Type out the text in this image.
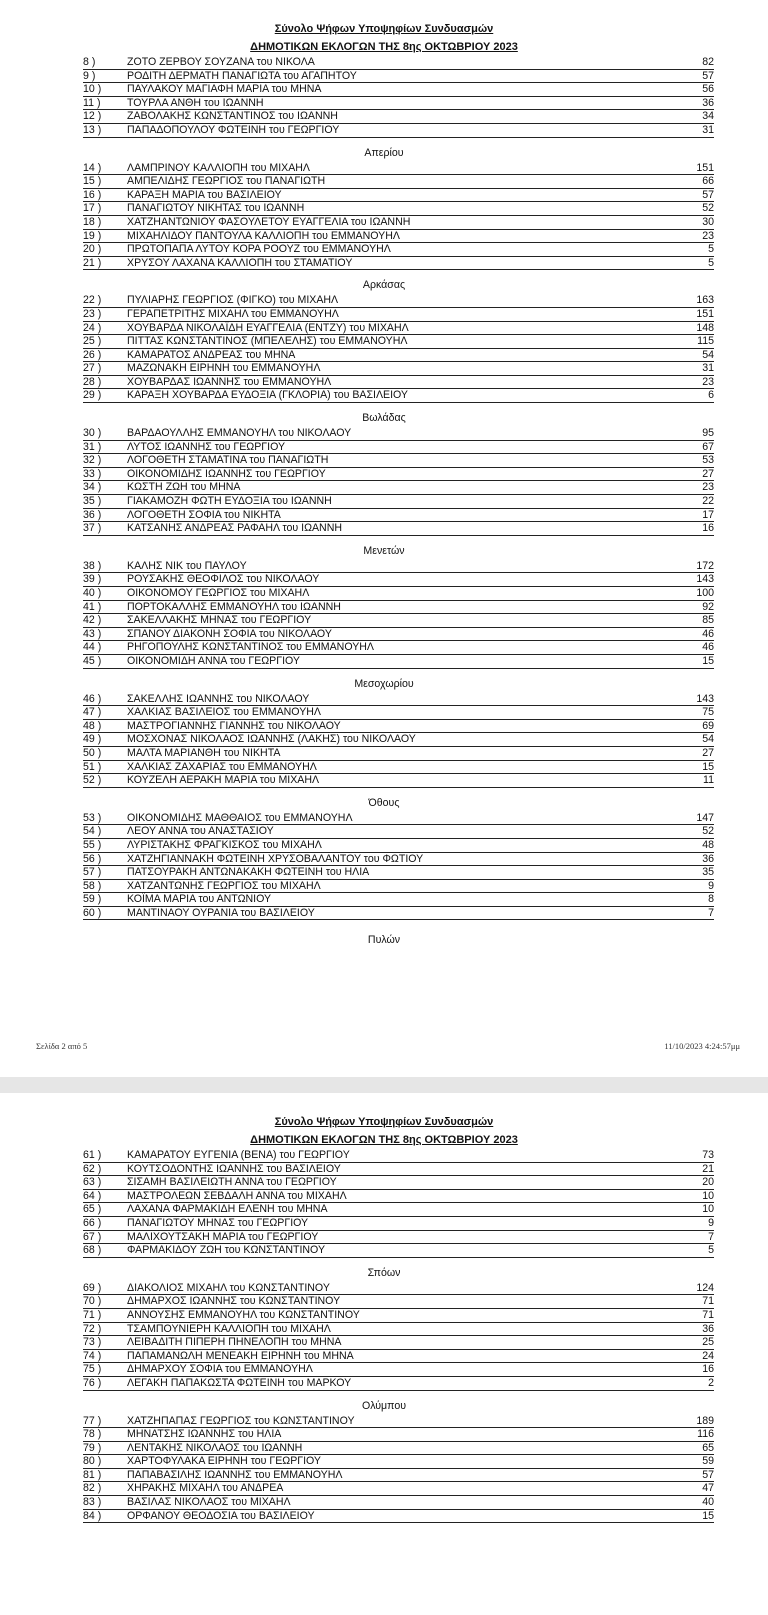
Σύνολο Ψήφων Υποψηφίων Συνδυασμών
ΔΗΜΟΤΙΚΩΝ ΕΚΛΟΓΩΝ ΤΗΣ 8ης ΟΚΤΩΒΡΙΟΥ 2023
8 )	ΖΟΤΟ ΖΕΡΒΟΥ ΣΟΥΖΑΝΑ του ΝΙΚΟΛΑ	82
9 )	ΡΟΔΙΤΗ ΔΕΡΜΑΤΗ ΠΑΝΑΓΙΩΤΑ του ΑΓΑΠΗΤΟΥ	57
10 )	ΠΑΥΛΑΚΟΥ ΜΑΓΙΑΦΗ ΜΑΡΙΑ του ΜΗΝΑ	56
11 )	ΤΟΥΡΛΑ ΑΝΘΗ του ΙΩΑΝΝΗ	36
12 )	ΖΑΒΟΛΑΚΗΣ ΚΩΝΣΤΑΝΤΙΝΟΣ του ΙΩΑΝΝΗ	34
13 )	ΠΑΠΑΔΟΠΟΥΛΟΥ ΦΩΤΕΙΝΗ του ΓΕΩΡΓΙΟΥ	31
Απερίου
14 )	ΛΑΜΠΡΙΝΟΥ ΚΑΛΛΙΟΠΗ του ΜΙΧΑΗΛ	151
15 )	ΑΜΠΕΛΙΔΗΣ ΓΕΩΡΓΙΟΣ του ΠΑΝΑΓΙΩΤΗ	66
16 )	ΚΑΡΑΞΗ ΜΑΡΙΑ του ΒΑΣΙΛΕΙΟΥ	57
17 )	ΠΑΝΑΓΙΩΤΟΥ ΝΙΚΗΤΑΣ του ΙΩΑΝΝΗ	52
18 )	ΧΑΤΖΗΑΝΤΩΝΙΟΥ ΦΑΣΟΥΛΕΤΟΥ ΕΥΑΓΓΕΛΙΑ του ΙΩΑΝΝΗ	30
19 )	ΜΙΧΑΗΛΙΔΟΥ ΠΑΝΤΟΥΛΑ ΚΑΛΛΙΟΠΗ του ΕΜΜΑΝΟΥΗΛ	23
20 )	ΠΡΩΤΟΠΑΠΑ ΛΥΤΟΥ ΚΟΡΑ ΡΟΟΥΖ του ΕΜΜΑΝΟΥΗΛ	5
21 )	ΧΡΥΣΟΥ ΛΑΧΑΝΑ ΚΑΛΛΙΟΠΗ του ΣΤΑΜΑΤΙΟΥ	5
Αρκάσας
22 )	ΠΥΛΙΑΡΗΣ ΓΕΩΡΓΙΟΣ (ΦΙΓΚΟ) του ΜΙΧΑΗΛ	163
23 )	ΓΕΡΑΠΕΤΡΙΤΗΣ ΜΙΧΑΗΛ του ΕΜΜΑΝΟΥΗΛ	151
24 )	ΧΟΥΒΑΡΔΑ ΝΙΚΟΛΑΪΔΗ ΕΥΑΓΓΕΛΙΑ (ΕΝΤΖΥ) του ΜΙΧΑΗΛ	148
25 )	ΠΙΤΤΑΣ ΚΩΝΣΤΑΝΤΙΝΟΣ (ΜΠΕΛΕΛΗΣ) του ΕΜΜΑΝΟΥΗΛ	115
26 )	ΚΑΜΑΡΑΤΟΣ ΑΝΔΡΕΑΣ του ΜΗΝΑ	54
27 )	ΜΑΖΩΝΑΚΗ ΕΙΡΗΝΗ του ΕΜΜΑΝΟΥΗΛ	31
28 )	ΧΟΥΒΑΡΔΑΣ ΙΩΑΝΝΗΣ του ΕΜΜΑΝΟΥΗΛ	23
29 )	ΚΑΡΑΞΗ ΧΟΥΒΑΡΔΑ ΕΥΔΟΞΙΑ (ΓΚΛΟΡΙΑ) του ΒΑΣΙΛΕΙΟΥ	6
Βωλάδας
30 )	ΒΑΡΔΑΟΥΛΛΗΣ ΕΜΜΑΝΟΥΗΛ του ΝΙΚΟΛΑΟΥ	95
31 )	ΛΥΤΟΣ ΙΩΑΝΝΗΣ του ΓΕΩΡΓΙΟΥ	67
32 )	ΛΟΓΟΘΕΤΗ ΣΤΑΜΑΤΙΝΑ του ΠΑΝΑΓΙΩΤΗ	53
33 )	ΟΙΚΟΝΟΜΙΔΗΣ ΙΩΑΝΝΗΣ του ΓΕΩΡΓΙΟΥ	27
34 )	ΚΩΣΤΗ ΖΩΗ του ΜΗΝΑ	23
35 )	ΓΙΑΚΑΜΟΖΗ ΦΩΤΗ ΕΥΔΟΞΙΑ του ΙΩΑΝΝΗ	22
36 )	ΛΟΓΟΘΕΤΗ ΣΟΦΙΑ του ΝΙΚΗΤΑ	17
37 )	ΚΑΤΣΑΝΗΣ ΑΝΔΡΕΑΣ ΡΑΦΑΗΛ του ΙΩΑΝΝΗ	16
Μενετών
38 )	ΚΑΛΗΣ ΝΙΚ του ΠΑΥΛΟΥ	172
39 )	ΡΟΥΣΑΚΗΣ ΘΕΟΦΙΛΟΣ του ΝΙΚΟΛΑΟΥ	143
40 )	ΟΙΚΟΝΟΜΟΥ ΓΕΩΡΓΙΟΣ του ΜΙΧΑΗΛ	100
41 )	ΠΟΡΤΟΚΑΛΛΗΣ ΕΜΜΑΝΟΥΗΛ του ΙΩΑΝΝΗ	92
42 )	ΣΑΚΕΛΛΑΚΗΣ ΜΗΝΑΣ του ΓΕΩΡΓΙΟΥ	85
43 )	ΣΠΑΝΟΥ ΔΙΑΚΟΝΗ ΣΟΦΙΑ του ΝΙΚΟΛΑΟΥ	46
44 )	ΡΗΓΟΠΟΥΛΗΣ ΚΩΝΣΤΑΝΤΙΝΟΣ του ΕΜΜΑΝΟΥΗΛ	46
45 )	ΟΙΚΟΝΟΜΙΔΗ ΑΝΝΑ του ΓΕΩΡΓΙΟΥ	15
Μεσοχωρίου
46 )	ΣΑΚΕΛΛΗΣ ΙΩΑΝΝΗΣ του ΝΙΚΟΛΑΟΥ	143
47 )	ΧΑΛΚΙΑΣ ΒΑΣΙΛΕΙΟΣ του ΕΜΜΑΝΟΥΗΛ	75
48 )	ΜΑΣΤΡΟΓΙΑΝΝΗΣ ΓΙΑΝΝΗΣ του ΝΙΚΟΛΑΟΥ	69
49 )	ΜΟΣΧΟΝΑΣ ΝΙΚΟΛΑΟΣ ΙΩΑΝΝΗΣ (ΛΑΚΗΣ) του ΝΙΚΟΛΑΟΥ	54
50 )	ΜΑΛΤΑ ΜΑΡΙΑΝΘΗ του ΝΙΚΗΤΑ	27
51 )	ΧΑΛΚΙΑΣ ΖΑΧΑΡΙΑΣ του ΕΜΜΑΝΟΥΗΛ	15
52 )	ΚΟΥΖΕΛΗ ΑΕΡΑΚΗ ΜΑΡΙΑ του ΜΙΧΑΗΛ	11
Όθους
53 )	ΟΙΚΟΝΟΜΙΔΗΣ ΜΑΘΘΑΙΟΣ του ΕΜΜΑΝΟΥΗΛ	147
54 )	ΛΕΟΥ ΑΝΝΑ του ΑΝΑΣΤΑΣΙΟΥ	52
55 )	ΛΥΡΙΣΤΑΚΗΣ ΦΡΑΓΚΙΣΚΟΣ του ΜΙΧΑΗΛ	48
56 )	ΧΑΤΖΗΓΙΑΝΝΑΚΗ ΦΩΤΕΙΝΗ ΧΡΥΣΟΒΑΛΑΝΤΟΥ του ΦΩΤΙΟΥ	36
57 )	ΠΑΤΣΟΥΡΑΚΗ ΑΝΤΩΝΑΚΑΚΗ ΦΩΤΕΙΝΗ του ΗΛΙΑ	35
58 )	ΧΑΤΖΑΝΤΩΝΗΣ ΓΕΩΡΓΙΟΣ του ΜΙΧΑΗΛ	9
59 )	ΚΟΪΜΑ ΜΑΡΙΑ του ΑΝΤΩΝΙΟΥ	8
60 )	ΜΑΝΤΙΝΑΟΥ ΟΥΡΑΝΙΑ του ΒΑΣΙΛΕΙΟΥ	7
Πυλών
Σελίδα 2 από 5	11/10/2023 4:24:57μμ
Σύνολο Ψήφων Υποψηφίων Συνδυασμών
ΔΗΜΟΤΙΚΩΝ ΕΚΛΟΓΩΝ ΤΗΣ 8ης ΟΚΤΩΒΡΙΟΥ 2023
61 )	ΚΑΜΑΡΑΤΟΥ ΕΥΓΕΝΙΑ (ΒΕΝΑ) του ΓΕΩΡΓΙΟΥ	73
62 )	ΚΟΥΤΣΟΔΟΝΤΗΣ ΙΩΑΝΝΗΣ του ΒΑΣΙΛΕΙΟΥ	21
63 )	ΣΙΣΑΜΗ ΒΑΣΙΛΕΙΩΤΗ ΑΝΝΑ του ΓΕΩΡΓΙΟΥ	20
64 )	ΜΑΣΤΡΟΛΕΩΝ ΣΕΒΔΑΛΗ ΑΝΝΑ του ΜΙΧΑΗΛ	10
65 )	ΛΑΧΑΝΑ ΦΑΡΜΑΚΙΔΗ ΕΛΕΝΗ του ΜΗΝΑ	10
66 )	ΠΑΝΑΓΙΩΤΟΥ ΜΗΝΑΣ του ΓΕΩΡΓΙΟΥ	9
67 )	ΜΑΛΙΧΟΥΤΣΑΚΗ ΜΑΡΙΑ του ΓΕΩΡΓΙΟΥ	7
68 )	ΦΑΡΜΑΚΙΔΟΥ ΖΩΗ του ΚΩΝΣΤΑΝΤΙΝΟΥ	5
Σπόων
69 )	ΔΙΑΚΟΛΙΟΣ ΜΙΧΑΗΛ του ΚΩΝΣΤΑΝΤΙΝΟΥ	124
70 )	ΔΗΜΑΡΧΟΣ ΙΩΑΝΝΗΣ του ΚΩΝΣΤΑΝΤΙΝΟΥ	71
71 )	ΑΝΝΟΥΣΗΣ ΕΜΜΑΝΟΥΗΛ του ΚΩΝΣΤΑΝΤΙΝΟΥ	71
72 )	ΤΣΑΜΠΟΥΝΙΕΡΗ ΚΑΛΛΙΟΠΗ του ΜΙΧΑΗΛ	36
73 )	ΛΕΙΒΑΔΙΤΗ ΠΙΠΕΡΗ ΠΗΝΕΛΟΠΗ του ΜΗΝΑ	25
74 )	ΠΑΠΑΜΑΝΩΛΗ ΜΕΝΕΑΚΗ ΕΙΡΗΝΗ του ΜΗΝΑ	24
75 )	ΔΗΜΑΡΧΟΥ ΣΟΦΙΑ του ΕΜΜΑΝΟΥΗΛ	16
76 )	ΛΕΓΑΚΗ ΠΑΠΑΚΩΣΤΑ ΦΩΤΕΙΝΗ του ΜΑΡΚΟΥ	2
Ολύμπου
77 )	ΧΑΤΖΗΠΑΠΑΣ ΓΕΩΡΓΙΟΣ του ΚΩΝΣΤΑΝΤΙΝΟΥ	189
78 )	ΜΗΝΑΤΣΗΣ ΙΩΑΝΝΗΣ του ΗΛΙΑ	116
79 )	ΛΕΝΤΑΚΗΣ ΝΙΚΟΛΑΟΣ του ΙΩΑΝΝΗ	65
80 )	ΧΑΡΤΟΦΥΛΑΚΑ ΕΙΡΗΝΗ του ΓΕΩΡΓΙΟΥ	59
81 )	ΠΑΠΑΒΑΣΙΛΗΣ ΙΩΑΝΝΗΣ του ΕΜΜΑΝΟΥΗΛ	57
82 )	ΧΗΡΑΚΗΣ ΜΙΧΑΗΛ του ΑΝΔΡΕΑ	47
83 )	ΒΑΣΙΛΑΣ ΝΙΚΟΛΑΟΣ του ΜΙΧΑΗΛ	40
84 )	ΟΡΦΑΝΟΥ ΘΕΟΔΟΣΙΑ του ΒΑΣΙΛΕΙΟΥ	15
